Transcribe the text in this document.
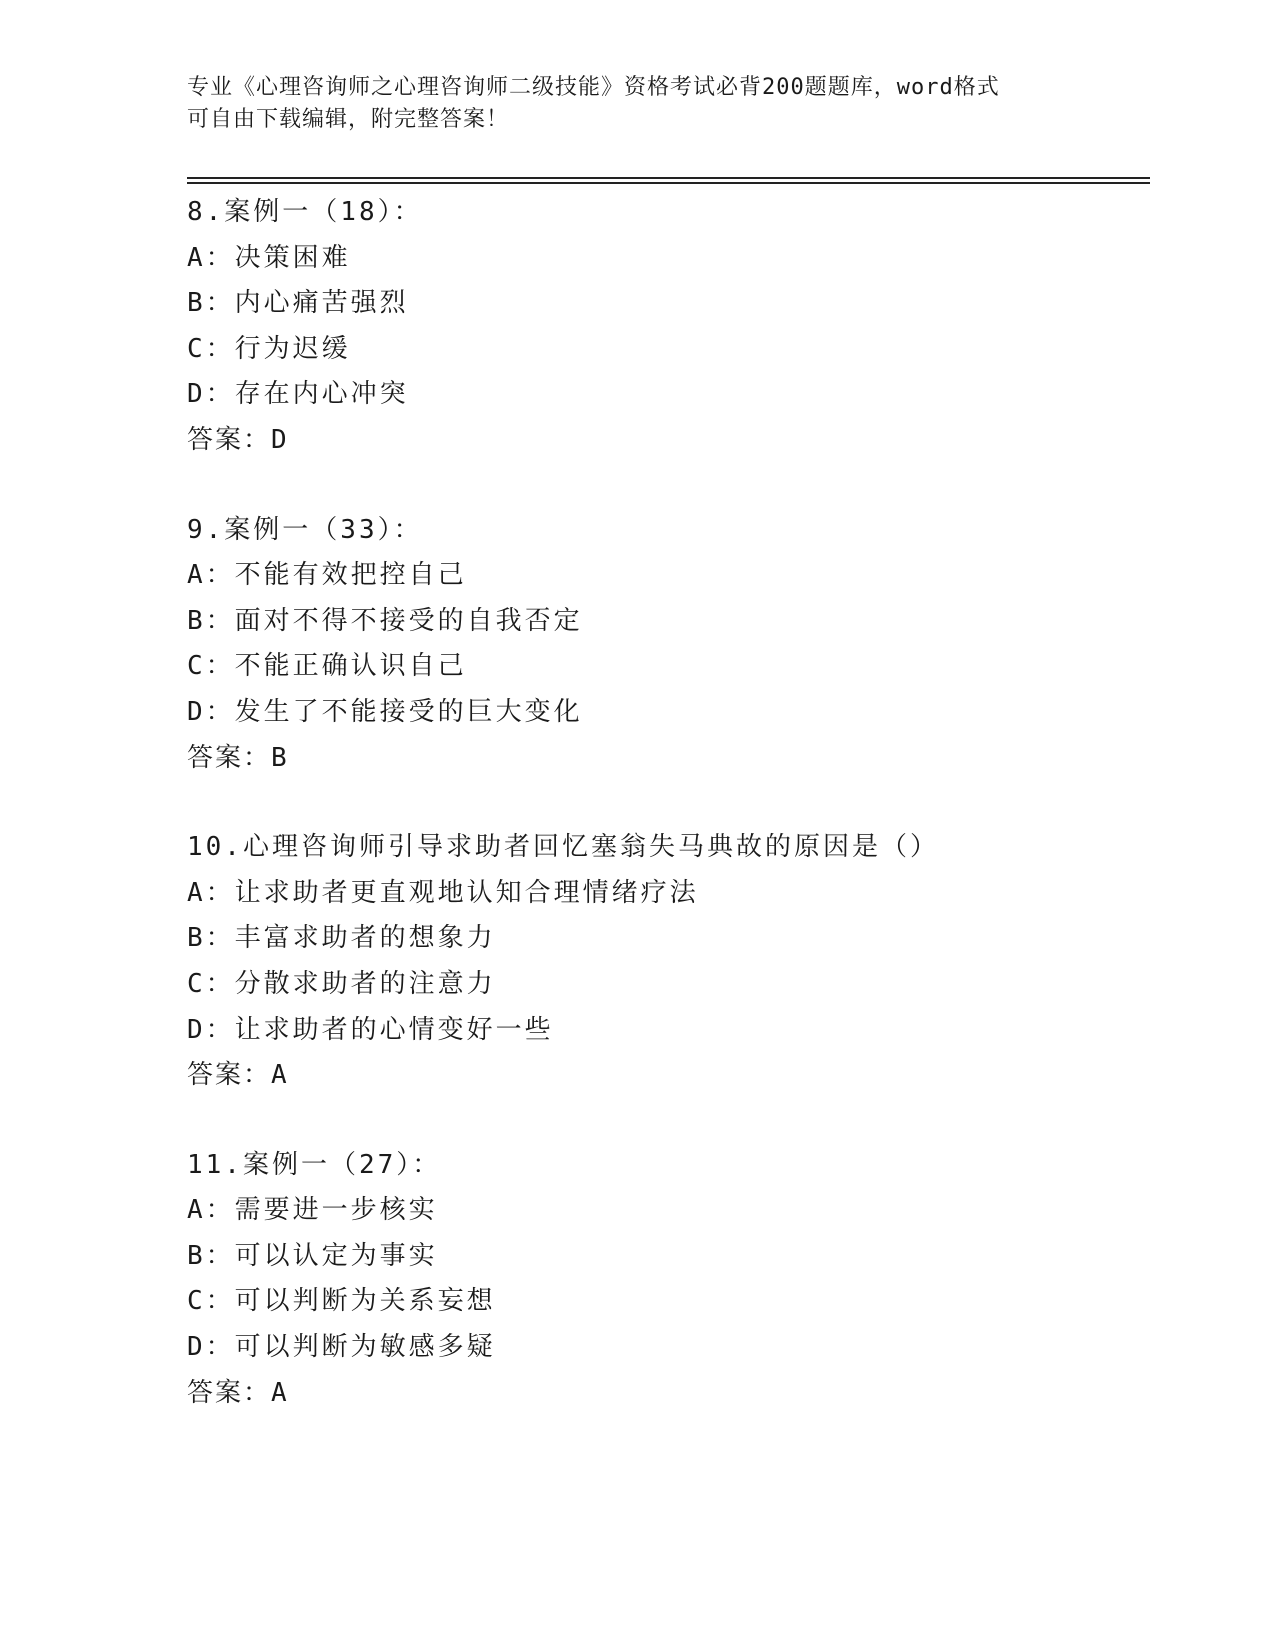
专业《心理咨询师之心理咨询师二级技能》资格考试必背200题题库，word格式
可自由下载编辑，附完整答案！
8.案例一（18）：
A：决策困难
B：内心痛苦强烈
C：行为迟缓
D：存在内心冲突
答案：D
9.案例一（33）：
A：不能有效把控自己
B：面对不得不接受的自我否定
C：不能正确认识自己
D：发生了不能接受的巨大变化
答案：B
10.心理咨询师引导求助者回忆塞翁失马典故的原因是（）
A：让求助者更直观地认知合理情绪疗法
B：丰富求助者的想象力
C：分散求助者的注意力
D：让求助者的心情变好一些
答案：A
11.案例一（27）：
A：需要进一步核实
B：可以认定为事实
C：可以判断为关系妄想
D：可以判断为敏感多疑
答案：A
